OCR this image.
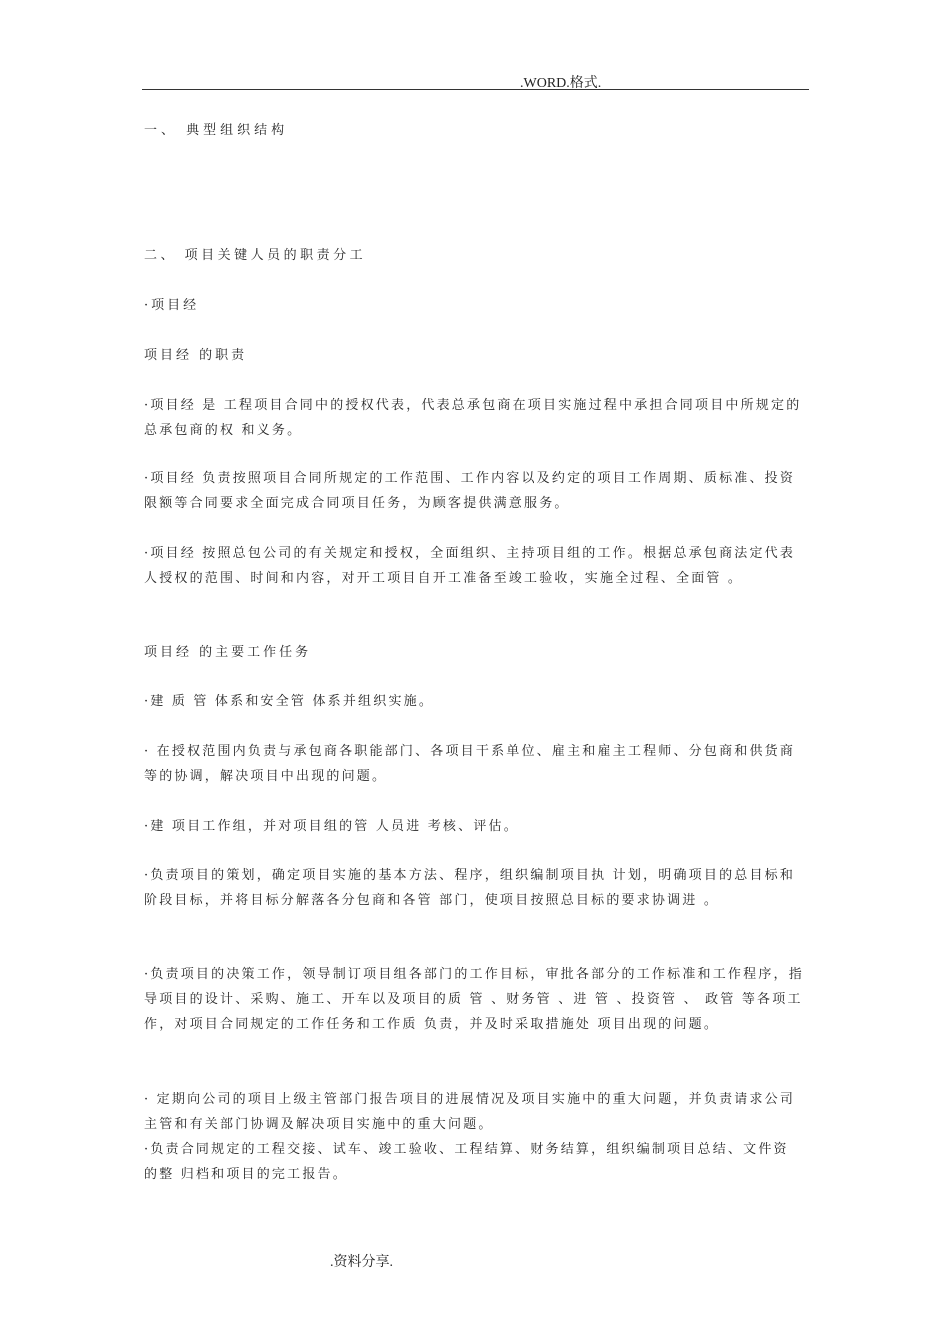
.WORD.格式.
一、 典型组织结构
二、 项目关键人员的职责分工
·项目经
项目经 的职责
·项目经 是 工程项目合同中的授权代表，代表总承包商在项目实施过程中承担合同项目中所规定的总承包商的权 和义务。
·项目经 负责按照项目合同所规定的工作范围、工作内容以及约定的项目工作周期、质标准、投资限额等合同要求全面完成合同项目任务，为顾客提供满意服务。
·项目经 按照总包公司的有关规定和授权，全面组织、主持项目组的工作。根据总承包商法定代表人授权的范围、时间和内容，对开工项目自开工准备至竣工验收，实施全过程、全面管 。
项目经 的主要工作任务
·建 质 管 体系和安全管 体系并组织实施。
· 在授权范围内负责与承包商各职能部门、各项目干系单位、雇主和雇主工程师、分包商和供货商等的协调，解决项目中出现的问题。
·建 项目工作组，并对项目组的管 人员进 考核、评估。
·负责项目的策划，确定项目实施的基本方法、程序，组织编制项目执 计划，明确项目的总目标和阶段目标，并将目标分解落各分包商和各管 部门，使项目按照总目标的要求协调进 。
·负责项目的决策工作，领导制订项目组各部门的工作目标，审批各部分的工作标准和工作程序，指导项目的设计、采购、施工、开车以及项目的质 管 、财务管 、进 管 、投资管 、 政管 等各项工作，对项目合同规定的工作任务和工作质 负责，并及时采取措施处 项目出现的问题。
· 定期向公司的项目上级主管部门报告项目的进展情况及项目实施中的重大问题，并负责请求公司主管和有关部门协调及解决项目实施中的重大问题。
·负责合同规定的工程交接、试车、竣工验收、工程结算、财务结算，组织编制项目总结、文件资 的整 归档和项目的完工报告。
.资料分享.
